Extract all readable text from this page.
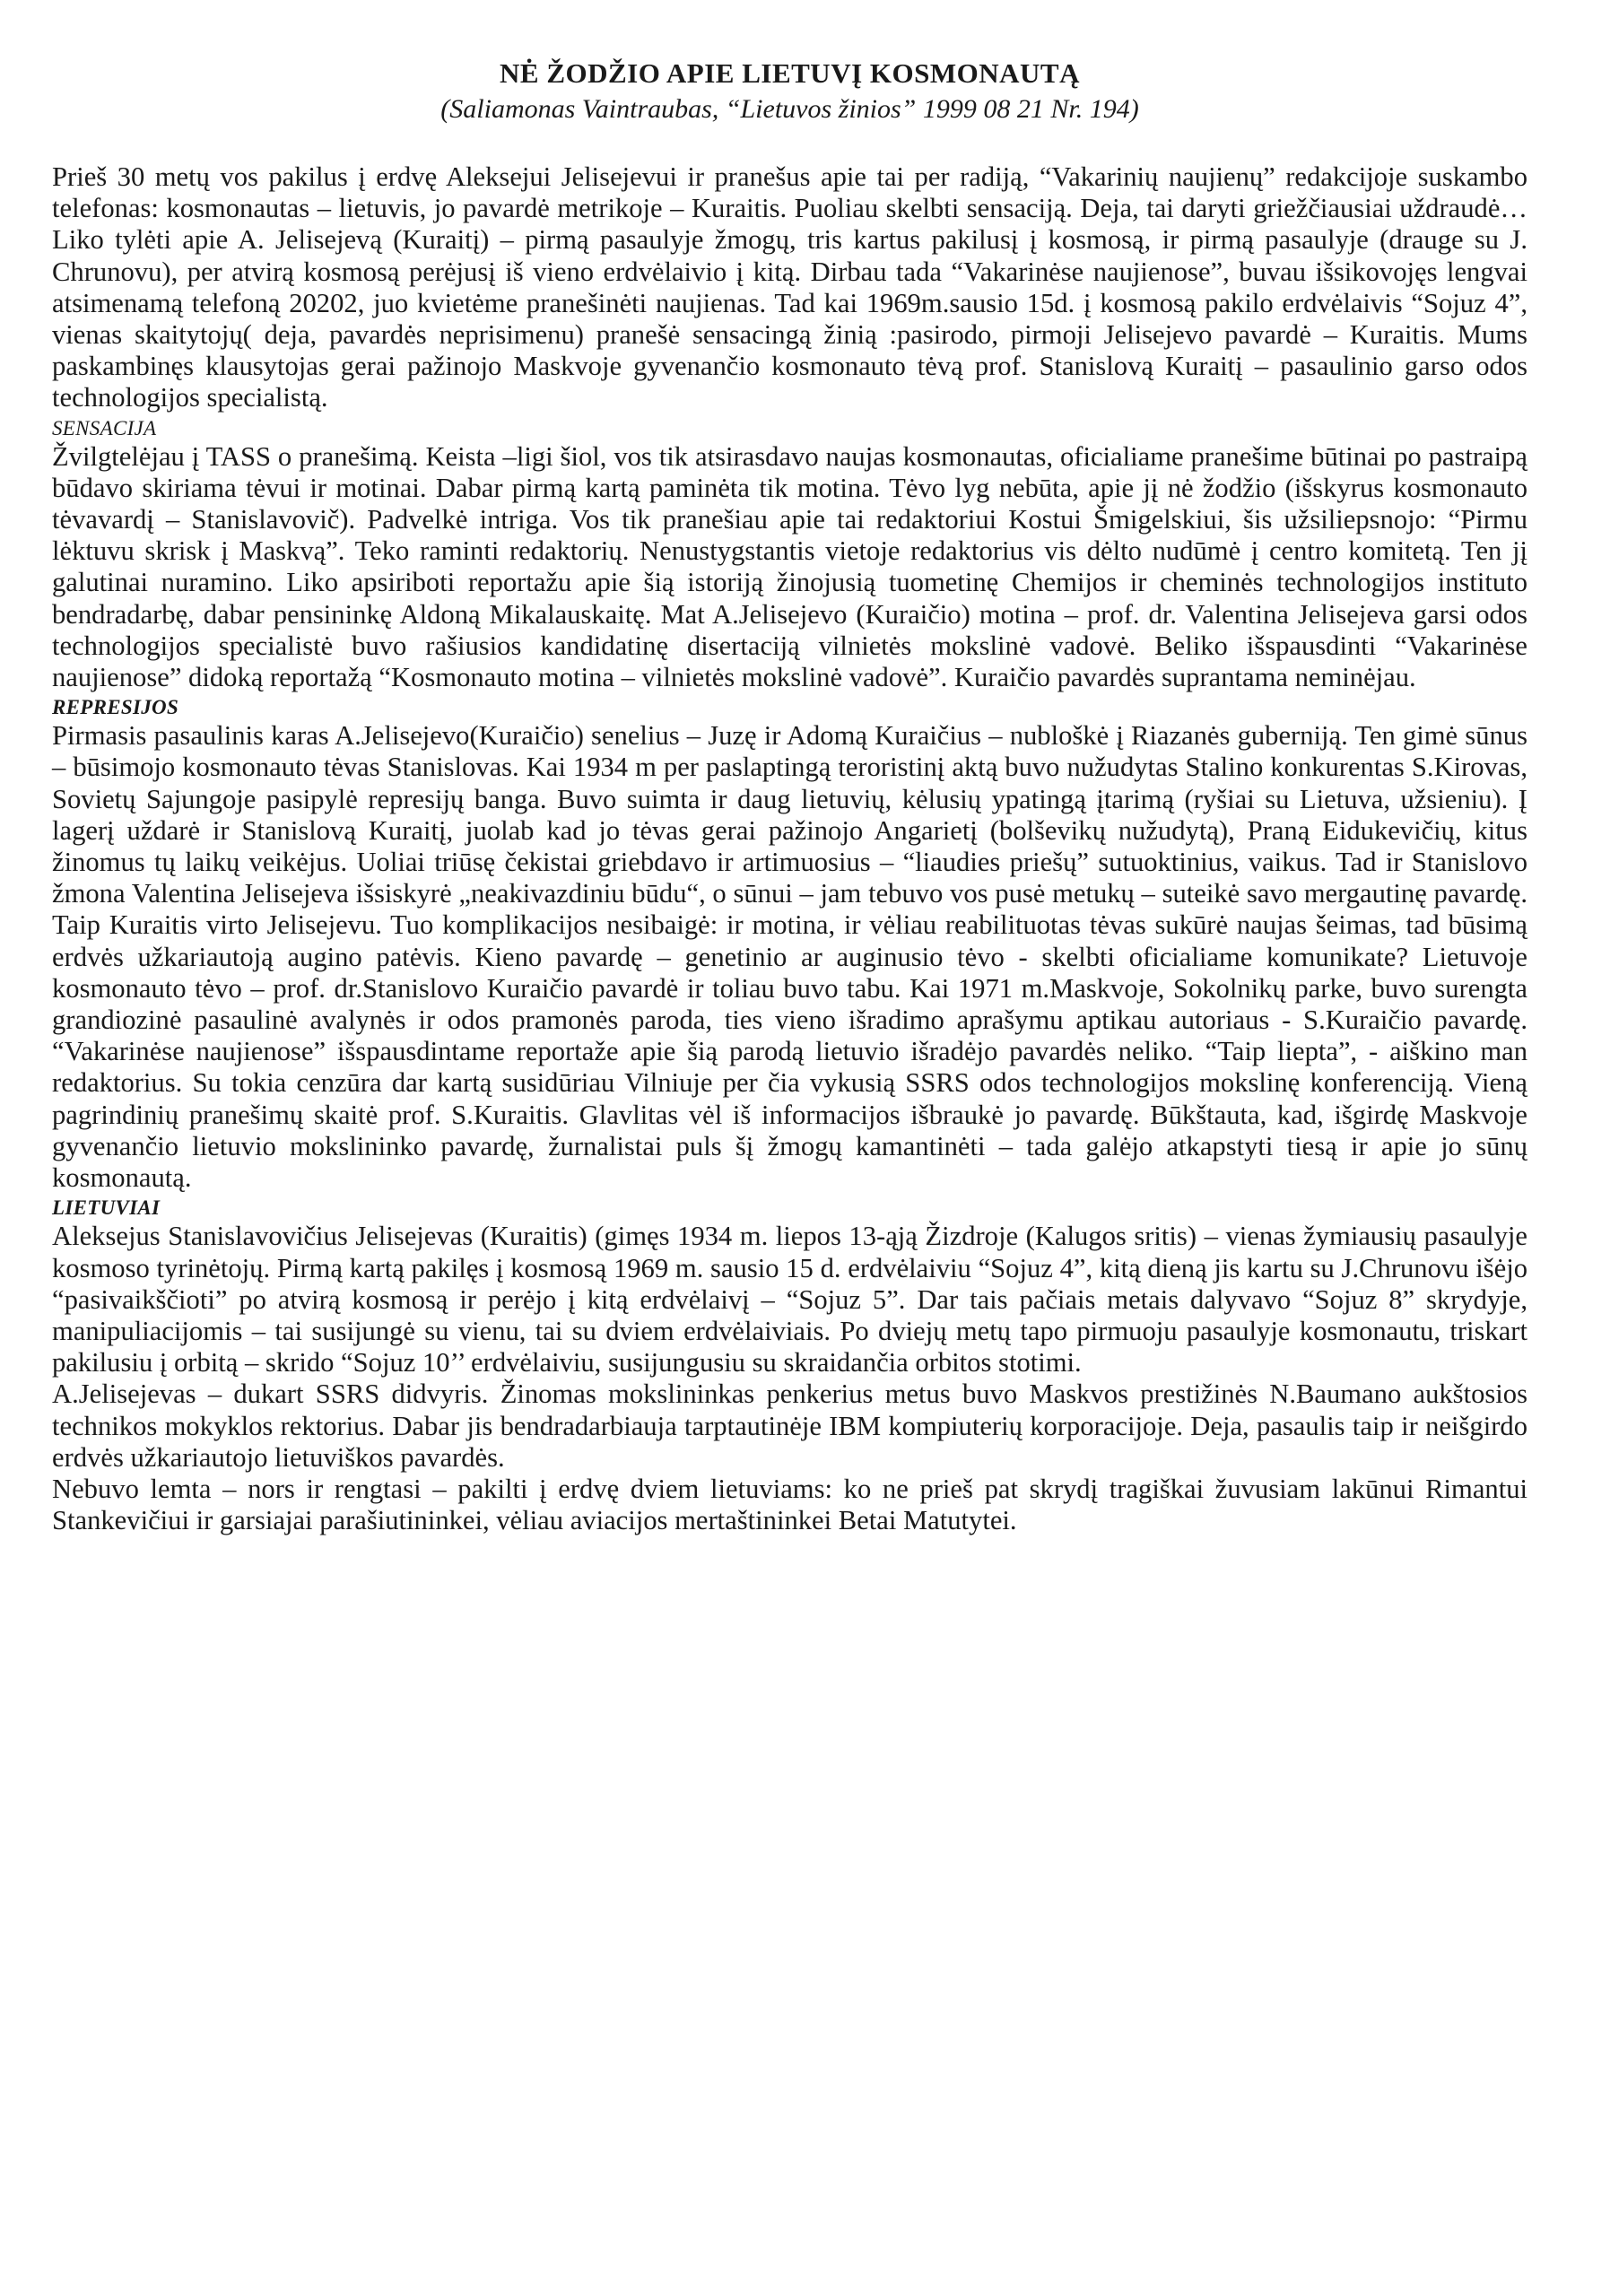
NĖ ŽODŽIO APIE LIETUVĮ KOSMONAUTĄ

(Saliamonas Vaintraubas, “Lietuvos žinios” 1999 08 21 Nr. 194)

Prieš 30 metų vos pakilus į erdvę Aleksejui Jelisejevui ir pranešus apie tai per radiją, “Vakarinių naujienų” redakcijoje suskambo telefonas: kosmonautas – lietuvis, jo pavardė metrikoje – Kuraitis. Puoliau skelbti sensaciją. Deja, tai daryti griežčiausiai uždraudė… Liko tylėti apie A. Jelisejevą (Kuraitį) – pirmą pasaulyje žmogų, tris kartus pakilusį į kosmosą, ir pirmą pasaulyje (drauge su J. Chrunovu), per atvirą kosmosą perėjusį iš vieno erdvėlaivio į kitą. Dirbau tada “Vakarinėse naujienose”, buvau išsikovojęs lengvai atsimenamą telefoną 20202, juo kvietėme pranešinėti naujienas. Tad kai 1969m.sausio 15d. į kosmosą pakilo erdvėlaivis “Sojuz 4”, vienas skaitytojų( deja, pavardės neprisimenu) pranešė sensacingą žinią :pasirodo, pirmoji Jelisejevo pavardė – Kuraitis. Mums paskambinęs klausytojas gerai pažinojo Maskvoje gyvenančio kosmonauto tėvą prof. Stanislovą Kuraitį – pasaulinio garso odos technologijos specialistą.

SENSACIJA

Žvilgtelėjau į TASS o pranešimą. Keista –ligi šiol, vos tik atsirasdavo naujas kosmonautas, oficialiame pranešime būtinai po pastraipą būdavo skiriama tėvui ir motinai. Dabar pirmą kartą paminėta tik motina. Tėvo lyg nebūta, apie jį nė žodžio (išskyrus kosmonauto tėvavardį – Stanislavovič). Padvelkė intriga. Vos tik pranešiau apie tai redaktoriui Kostui Šmigelskiui, šis užsiliepsnojo: “Pirmu lėktuvu skrisk į Maskvą”. Teko raminti redaktorių. Nenustygstantis vietoje redaktorius vis dėlto nudūmė į centro komitetą. Ten jį galutinai nuramino. Liko apsiriboti reportažu apie šią istoriją žinojusią tuometinę Chemijos ir cheminės technologijos instituto bendradarbę, dabar pensininkę Aldoną Mikalauskaitę. Mat A.Jelisejevo (Kuraičio) motina – prof. dr. Valentina Jelisejeva garsi odos technologijos specialistė buvo rašiusios kandidatinę disertaciją vilnietės mokslinė vadovė. Beliko išspausdinti “Vakarinėse naujienose” didoką reportažą “Kosmonauto motina – vilnietės mokslinė vadovė”. Kuraičio pavardės suprantama neminėjau.

REPRESIJOS

Pirmasis pasaulinis karas A.Jelisejevo(Kuraičio) senelius – Juzę ir Adomą Kuraičius – nubloškė į Riazanės guberniją. Ten gimė sūnus – būsimojo kosmonauto tėvas Stanislovas. Kai 1934 m per paslaptingą teroristinį aktą buvo nužudytas Stalino konkurentas S.Kirovas, Sovietų Sajungoje pasipylė represijų banga. Buvo suimta ir daug lietuvių, kėlusių ypatingą įtarimą (ryšiai su Lietuva, užsieniu). Į lagerį uždarė ir Stanislovą Kuraitį, juolab kad jo tėvas gerai pažinojo Angarietį (bolševikų nužudytą), Praną Eidukevičių, kitus žinomus tų laikų veikėjus. Uoliai triūsę čekistai griebdavo ir artimuosius – “liaudies priešų” sutuoktinius, vaikus. Tad ir Stanislovo žmona Valentina Jelisejeva išsiskyrė „neakivazdiniu būdu“, o sūnui – jam tebuvo vos pusė metukų – suteikė savo mergautinę pavardę. Taip Kuraitis virto Jelisejevu. Tuo komplikacijos nesibaigė: ir motina, ir vėliau reabilituotas tėvas sukūrė naujas šeimas, tad būsimą erdvės užkariautoją augino patėvis. Kieno pavardę – genetinio ar auginusio tėvo - skelbti oficialiame komunikate? Lietuvoje kosmonauto tėvo – prof. dr.Stanislovo Kuraičio pavardė ir toliau buvo tabu. Kai 1971 m.Maskvoje, Sokolnikų parke, buvo surengta grandiozinė pasaulinė avalynės ir odos pramonės paroda, ties vieno išradimo aprašymu aptikau autoriaus - S.Kuraičio pavardę. “Vakarinėse naujienose” išspausdintame reportaže apie šią parodą lietuvio išradėjo pavardės neliko. “Taip liepta”, - aiškino man redaktorius. Su tokia cenzūra dar kartą susidūriau Vilniuje per čia vykusią SSRS odos technologijos mokslinę konferenciją. Vieną pagrindinių pranešimų skaitė prof. S.Kuraitis. Glavlitas vėl iš informacijos išbraukė jo pavardę. Būkštauta, kad, išgirdę Maskvoje gyvenančio lietuvio mokslininko pavardę, žurnalistai puls šį žmogų kamantinėti – tada galėjo atkapstyti tiesą ir apie jo sūnų kosmonautą.

LIETUVIAI

Aleksejus Stanislavovičius Jelisejevas (Kuraitis) (gimęs 1934 m. liepos 13-ąją Žizdroje (Kalugos sritis) – vienas žymiausių pasaulyje kosmoso tyrinėtojų. Pirmą kartą pakilęs į kosmosą 1969 m. sausio 15 d. erdvėlaiviu “Sojuz 4”, kitą dieną jis kartu su J.Chrunovu išėjo “pasivaikščioti” po atvirą kosmosą ir perėjo į kitą erdvėlaivį – “Sojuz 5”. Dar tais pačiais metais dalyvavo “Sojuz 8” skrydyje, manipuliacijomis – tai susijungė su vienu, tai su dviem erdvėlaiviais. Po dviejų metų tapo pirmuoju pasaulyje kosmonautu, triskart pakilusiu į orbitą – skrido “Sojuz 10’’ erdvėlaiviu, susijungusiu su skraidančia orbitos stotimi.

A.Jelisejevas – dukart SSRS didvyris. Žinomas mokslininkas penkerius metus buvo Maskvos prestižinės N.Baumano aukštosios technikos mokyklos rektorius. Dabar jis bendradarbiauja tarptautinėje IBM kompiuterių korporacijoje. Deja, pasaulis taip ir neišgirdo erdvės užkariautojo lietuviškos pavardės.

Nebuvo lemta – nors ir rengtasi – pakilti į erdvę dviem lietuviams: ko ne prieš pat skrydį tragiškai žuvusiam lakūnui Rimantui Stankevičiui ir garsiajai parašiutininkei, vėliau aviacijos mertaštininkei Betai Matutytei.
